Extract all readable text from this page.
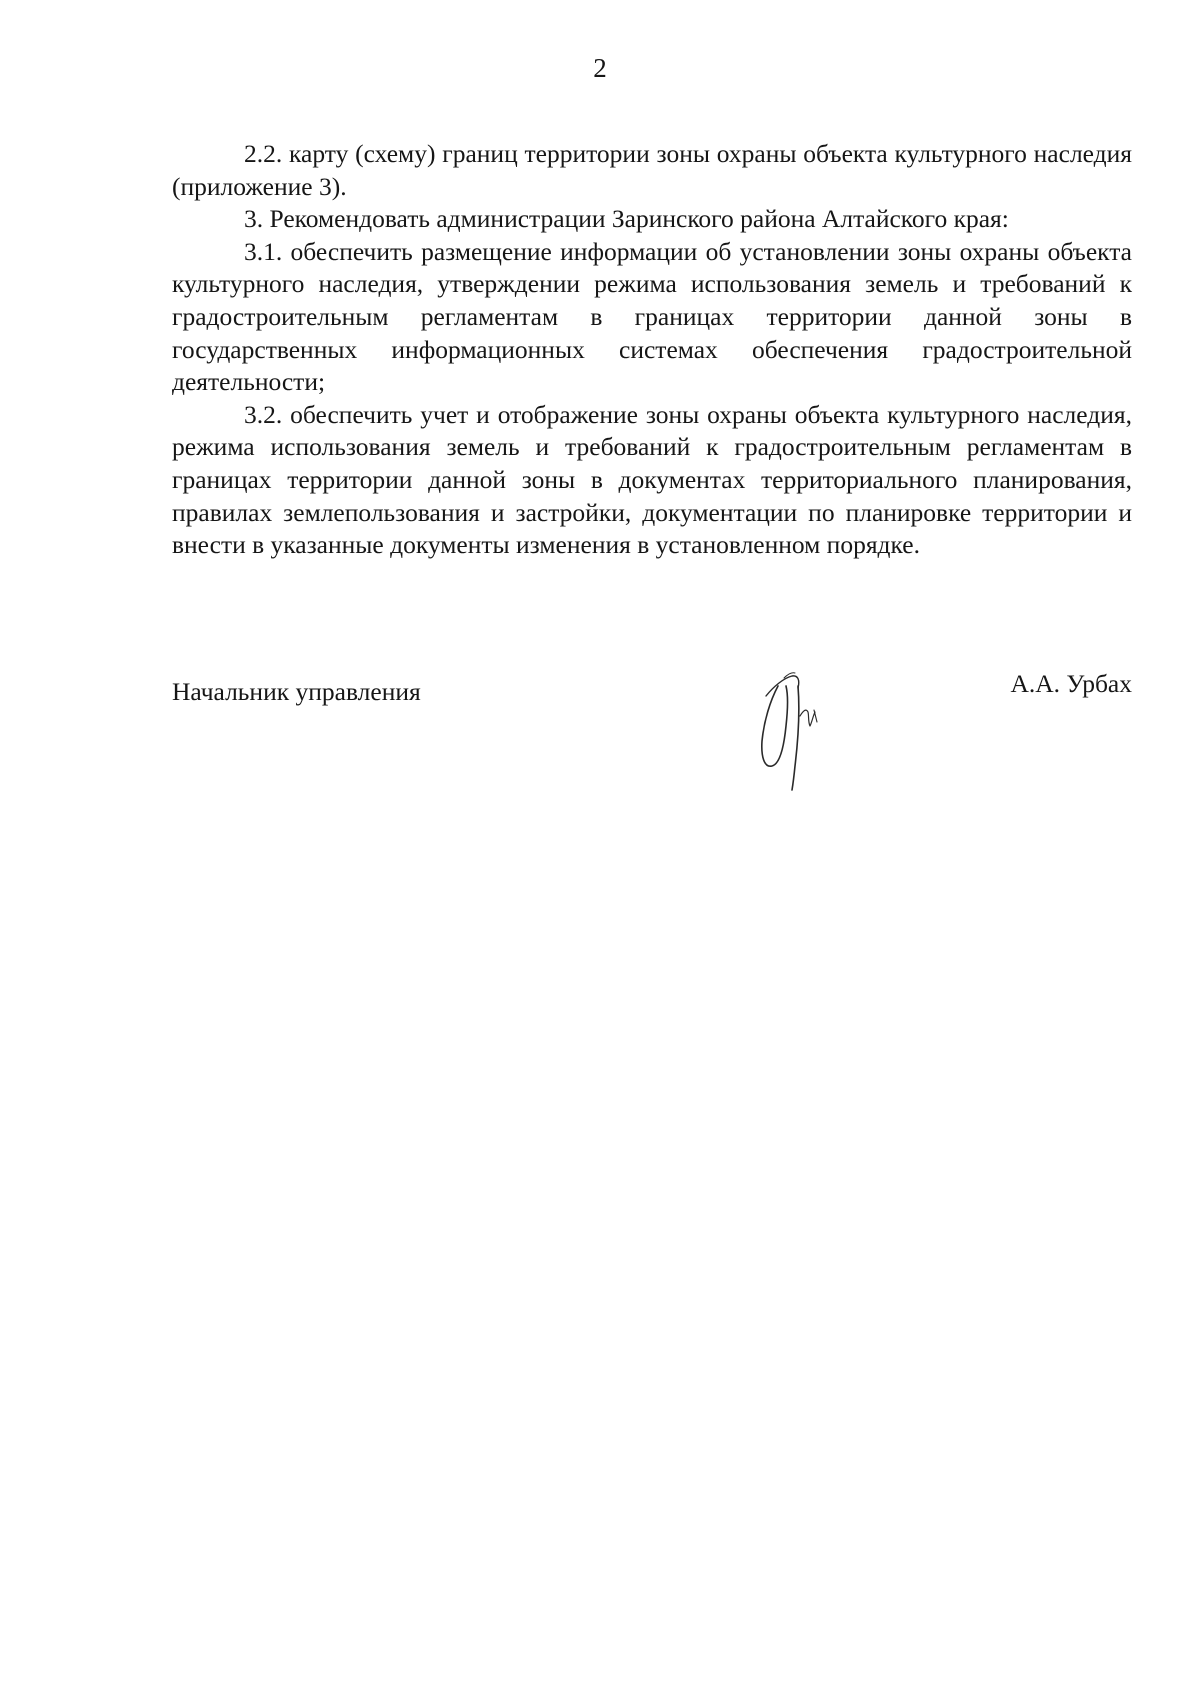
2

2.2. карту (схему) границ территории зоны охраны объекта культурного наследия (приложение 3).

3. Рекомендовать администрации Заринского района Алтайского края:

3.1. обеспечить размещение информации об установлении зоны охраны объекта культурного наследия, утверждении режима использования земель и требований к градостроительным регламентам в границах территории данной зоны в государственных информационных системах обеспечения градостроительной деятельности;

3.2. обеспечить учет и отображение зоны охраны объекта культурного наследия, режима использования земель и требований к градостроительным регламентам в границах территории данной зоны в документах территориального планирования, правилах землепользования и застройки, документации по планировке территории и внести в указанные документы изменения в установленном порядке.

Начальник управления	А.А. Урбах
